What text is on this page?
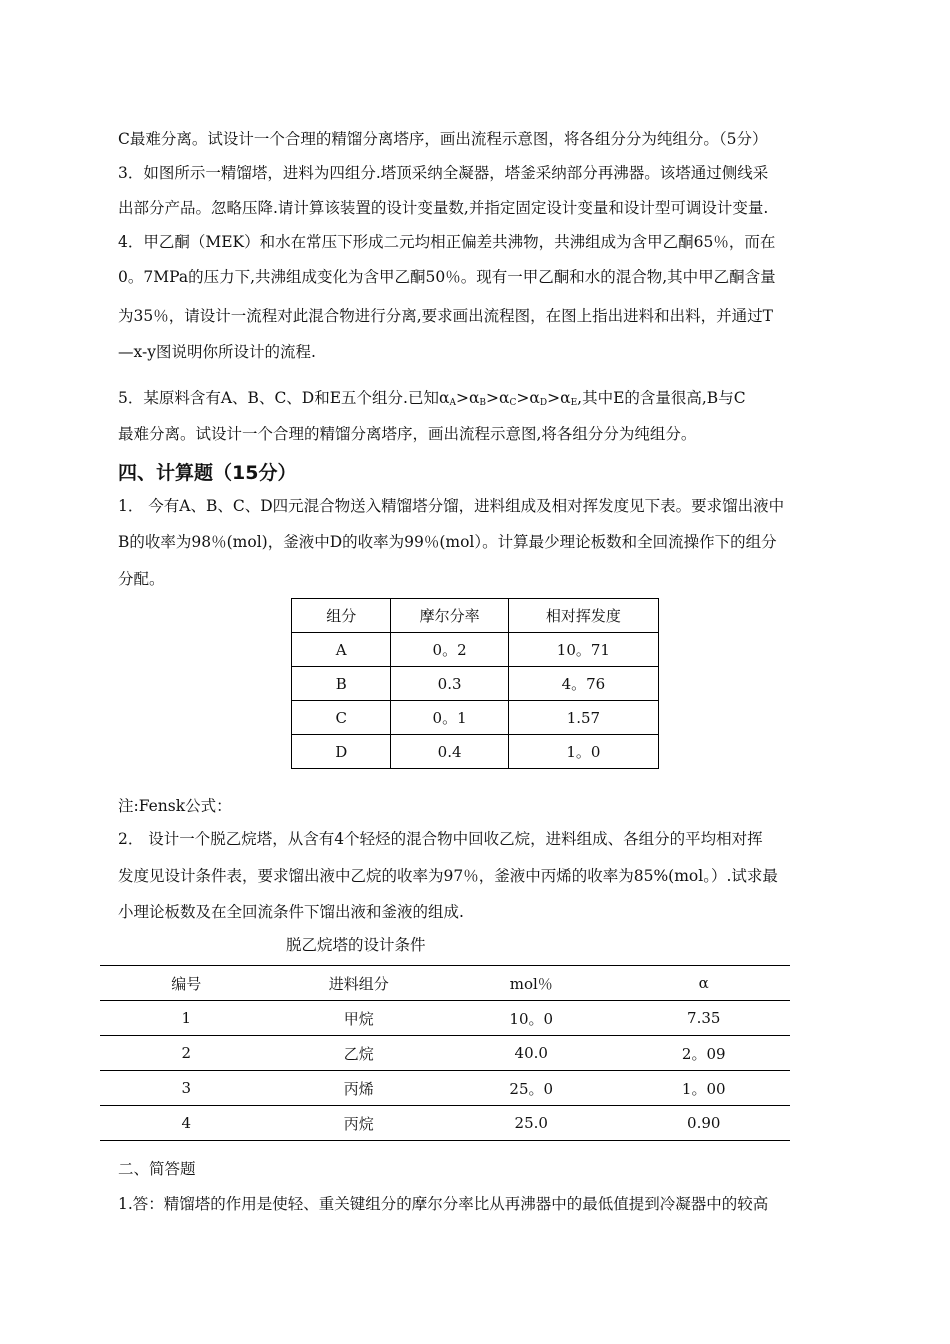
C最难分离。试设计一个合理的精馏分离塔序，画出流程示意图，将各组分分为纯组分。（5分）
3．如图所示一精馏塔，进料为四组分.塔顶采纳全凝器，塔釜采纳部分再沸器。该塔通过侧线采
出部分产品。忽略压降.请计算该装置的设计变量数,并指定固定设计变量和设计型可调设计变量.
4．甲乙酮（MEK）和水在常压下形成二元均相正偏差共沸物，共沸组成为含甲乙酮65％，而在
0。7MPa的压力下,共沸组成变化为含甲乙酮50％。现有一甲乙酮和水的混合物,其中甲乙酮含量
为35％，请设计一流程对此混合物进行分离,要求画出流程图，在图上指出进料和出料，并通过T
—x-y图说明你所设计的流程.
5．某原料含有A、B、C、D和E五个组分.已知$\alpha_A>\alpha_B>\alpha_C>\alpha_D>\alpha_E$,其中E的含量很高,B与C
最难分离。试设计一个合理的精馏分离塔序，画出流程示意图,将各组分分为纯组分。
四、计算题（15分）
1． 今有A、B、C、D四元混合物送入精馏塔分馏，进料组成及相对挥发度见下表。要求馏出液中
B的收率为98％(mol)，釜液中D的收率为99％(mol）。计算最少理论板数和全回流操作下的组分
分配。
组分	摩尔分率	相对挥发度
A	0。2	10。71
B	0.3	4。76
C	0。1	1.57
D	0.4	1。0
注:Fensk公式：
2． 设计一个脱乙烷塔，从含有4个轻烃的混合物中回收乙烷，进料组成、各组分的平均相对挥
发度见设计条件表，要求馏出液中乙烷的收率为97％，釜液中丙烯的收率为85%(mol。）.试求最
小理论板数及在全回流条件下馏出液和釜液的组成.
脱乙烷塔的设计条件
编号	进料组分	mol％	α
1	甲烷	10。0	7.35
2	乙烷	40.0	2。09
3	丙烯	25。0	1。00
4	丙烷	25.0	0.90
二、简答题
1.答：精馏塔的作用是使轻、重关键组分的摩尔分率比从再沸器中的最低值提到冷凝器中的较高
